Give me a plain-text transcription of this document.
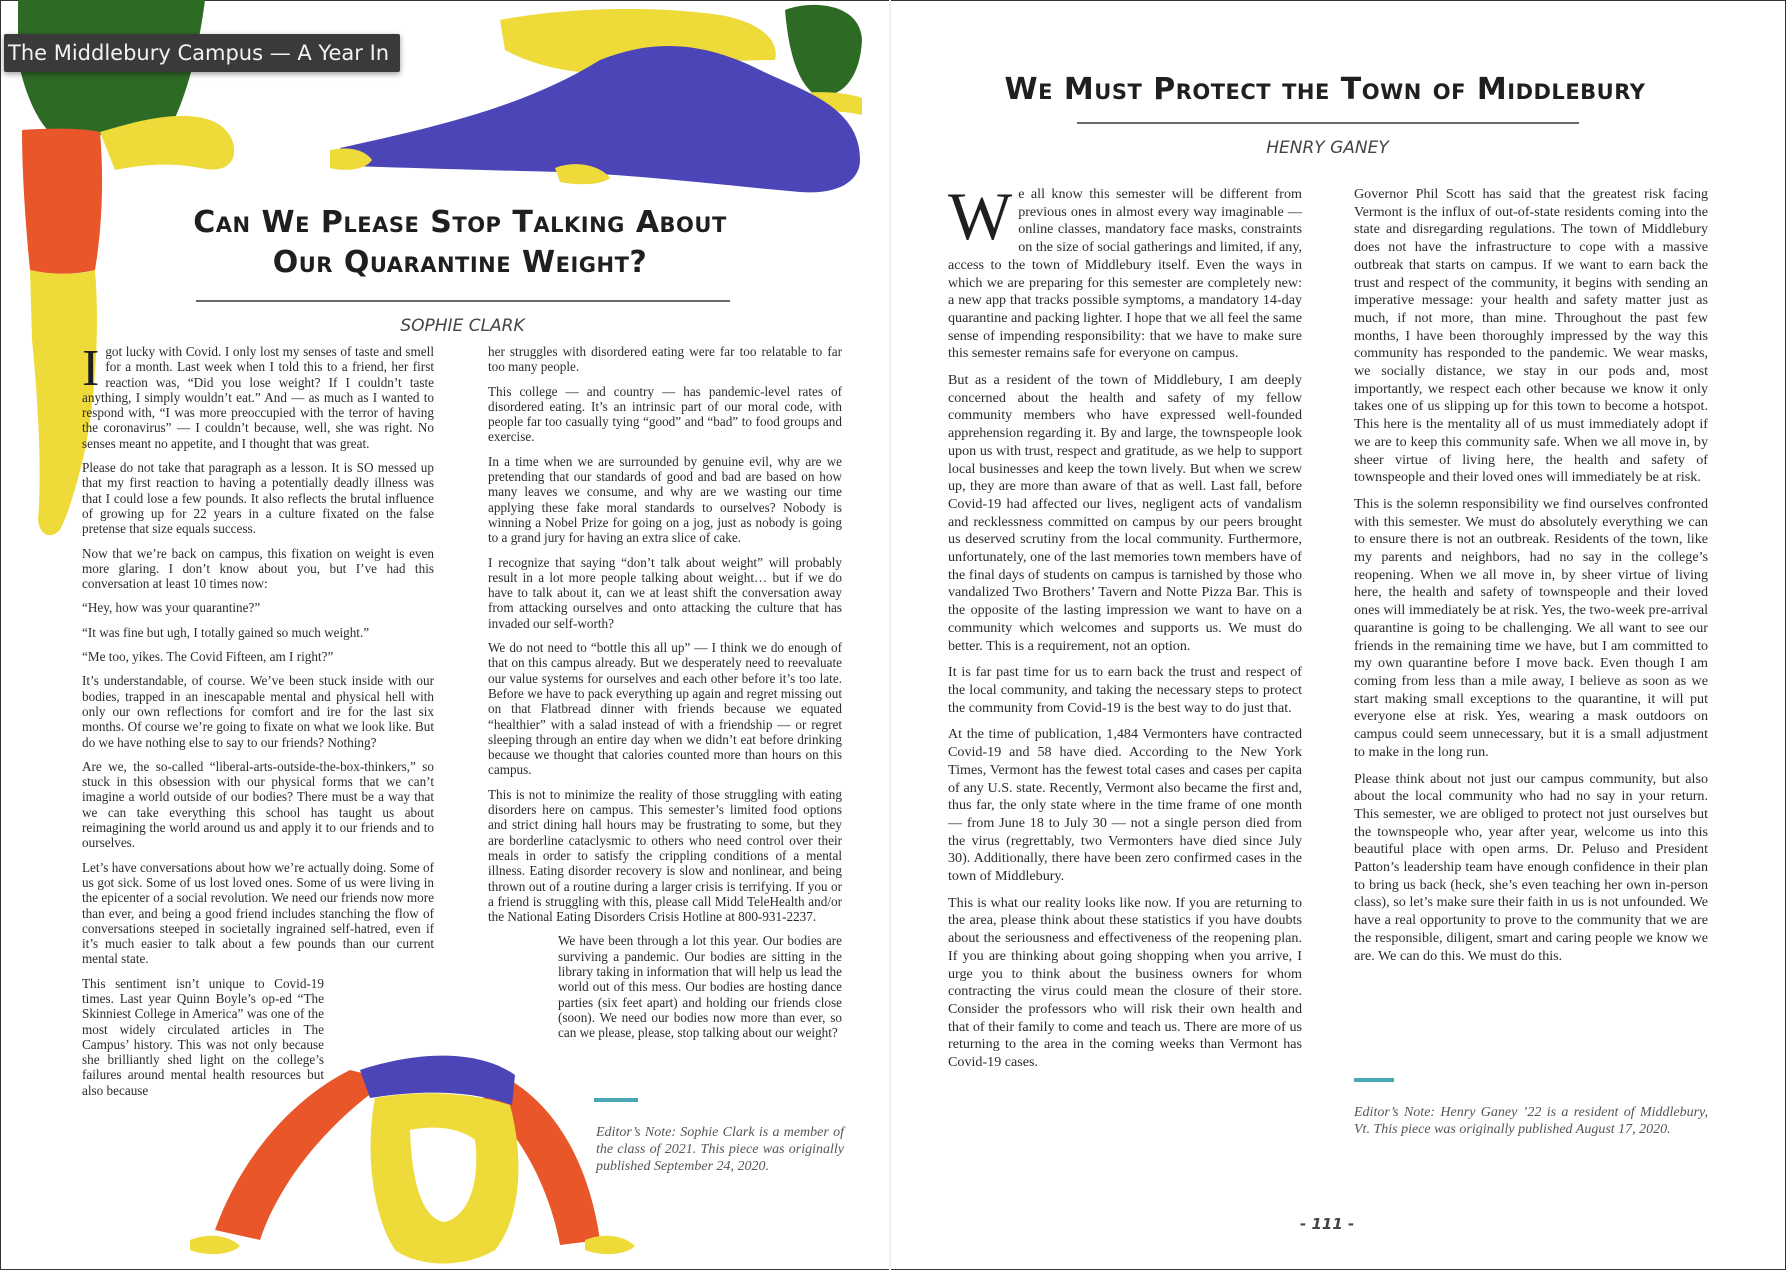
The Middlebury Campus — A Year In
Can We Please Stop Talking About
Our Quarantine Weight?
SOPHIE CLARK
I got lucky with Covid. I only lost my senses of taste and smell for a month. Last week when I told this to a friend, her first reaction was, “Did you lose weight? If I couldn’t taste anything, I simply wouldn’t eat.” And — as much as I wanted to respond with, “I was more preoccupied with the terror of having the coronavirus” — I couldn’t because, well, she was right. No senses meant no appetite, and I thought that was great.

Please do not take that paragraph as a lesson. It is SO messed up that my first reaction to having a potentially deadly illness was that I could lose a few pounds. It also reflects the brutal influence of growing up for 22 years in a culture fixated on the false pretense that size equals success.

Now that we’re back on campus, this fixation on weight is even more glaring. I don’t know about you, but I’ve had this conversation at least 10 times now:

“Hey, how was your quarantine?”

“It was fine but ugh, I totally gained so much weight.”

“Me too, yikes. The Covid Fifteen, am I right?”

It’s understandable, of course. We’ve been stuck inside with our bodies, trapped in an inescapable mental and physical hell with only our own reflections for comfort and ire for the last six months. Of course we’re going to fixate on what we look like. But do we have nothing else to say to our friends? Nothing?

Are we, the so-called “liberal-arts-outside-the-box-thinkers,” so stuck in this obsession with our physical forms that we can’t imagine a world outside of our bodies? There must be a way that we can take everything this school has taught us about reimagining the world around us and apply it to our friends and to ourselves.

Let’s have conversations about how we’re actually doing. Some of us got sick. Some of us lost loved ones. Some of us were living in the epicenter of a social revolution. We need our friends now more than ever, and being a good friend includes stanching the flow of conversations steeped in societally ingrained self-hatred, even if it’s much easier to talk about a few pounds than our current mental state.

This sentiment isn’t unique to Covid-19 times. Last year Quinn Boyle’s op-ed “The Skinniest College in America” was one of the most widely circulated articles in The Campus’ history. This was not only because she brilliantly shed light on the college’s failures around mental health resources but also because

her struggles with disordered eating were far too relatable to far too many people.

This college — and country — has pandemic-level rates of disordered eating. It’s an intrinsic part of our moral code, with people far too casually tying “good” and “bad” to food groups and exercise.

In a time when we are surrounded by genuine evil, why are we pretending that our standards of good and bad are based on how many leaves we consume, and why are we wasting our time applying these fake moral standards to ourselves? Nobody is winning a Nobel Prize for going on a jog, just as nobody is going to a grand jury for having an extra slice of cake.

I recognize that saying “don’t talk about weight” will probably result in a lot more people talking about weight… but if we do have to talk about it, can we at least shift the conversation away from attacking ourselves and onto attacking the culture that has invaded our self-worth?

We do not need to “bottle this all up” — I think we do enough of that on this campus already. But we desperately need to reevaluate our value systems for ourselves and each other before it’s too late. Before we have to pack everything up again and regret missing out on that Flatbread dinner with friends because we equated “healthier” with a salad instead of with a friendship — or regret sleeping through an entire day when we didn’t eat before drinking because we thought that calories counted more than hours on this campus.

This is not to minimize the reality of those struggling with eating disorders here on campus. This semester’s limited food options and strict dining hall hours may be frustrating to some, but they are borderline cataclysmic to others who need control over their meals in order to satisfy the crippling conditions of a mental illness. Eating disorder recovery is slow and nonlinear, and being thrown out of a routine during a larger crisis is terrifying. If you or a friend is struggling with this, please call Midd TeleHealth and/or the National Eating Disorders Crisis Hotline at 800-931-2237.

We have been through a lot this year. Our bodies are surviving a pandemic. Our bodies are sitting in the library taking in information that will help us lead the world out of this mess. Our bodies are hosting dance parties (six feet apart) and holding our friends close (soon). We need our bodies now more than ever, so can we please, please, stop talking about our weight?

Editor’s Note: Sophie Clark is a member of the class of 2021. This piece was originally published September 24, 2020.
We Must Protect the Town of Middlebury
HENRY GANEY
W e all know this semester will be different from previous ones in almost every way imaginable — online classes, mandatory face masks, constraints on the size of social gatherings and limited, if any, access to the town of Middlebury itself. Even the ways in which we are preparing for this semester are completely new: a new app that tracks possible symptoms, a mandatory 14-day quarantine and packing lighter. I hope that we all feel the same sense of impending responsibility: that we have to make sure this semester remains safe for everyone on campus.

But as a resident of the town of Middlebury, I am deeply concerned about the health and safety of my fellow community members who have expressed well-founded apprehension regarding it. By and large, the townspeople look upon us with trust, respect and gratitude, as we help to support local businesses and keep the town lively. But when we screw up, they are more than aware of that as well. Last fall, before Covid-19 had affected our lives, negligent acts of vandalism and recklessness committed on campus by our peers brought us deserved scrutiny from the local community. Furthermore, unfortunately, one of the last memories town members have of the final days of students on campus is tarnished by those who vandalized Two Brothers’ Tavern and Notte Pizza Bar. This is the opposite of the lasting impression we want to have on a community which welcomes and supports us. We must do better. This is a requirement, not an option.

It is far past time for us to earn back the trust and respect of the local community, and taking the necessary steps to protect the community from Covid-19 is the best way to do just that.

At the time of publication, 1,484 Vermonters have contracted Covid-19 and 58 have died. According to the New York Times, Vermont has the fewest total cases and cases per capita of any U.S. state. Recently, Vermont also became the first and, thus far, the only state where in the time frame of one month — from June 18 to July 30 — not a single person died from the virus (regrettably, two Vermonters have died since July 30). Additionally, there have been zero confirmed cases in the town of Middlebury.

This is what our reality looks like now. If you are returning to the area, please think about these statistics if you have doubts about the seriousness and effectiveness of the reopening plan. If you are thinking about going shopping when you arrive, I urge you to think about the business owners for whom contracting the virus could mean the closure of their store. Consider the professors who will risk their own health and that of their family to come and teach us. There are more of us returning to the area in the coming weeks than Vermont has Covid-19 cases.

Governor Phil Scott has said that the greatest risk facing Vermont is the influx of out-of-state residents coming into the state and disregarding regulations. The town of Middlebury does not have the infrastructure to cope with a massive outbreak that starts on campus. If we want to earn back the trust and respect of the community, it begins with sending an imperative message: your health and safety matter just as much, if not more, than mine. Throughout the past few months, I have been thoroughly impressed by the way this community has responded to the pandemic. We wear masks, we socially distance, we stay in our pods and, most importantly, we respect each other because we know it only takes one of us slipping up for this town to become a hotspot. This here is the mentality all of us must immediately adopt if we are to keep this community safe. When we all move in, by sheer virtue of living here, the health and safety of townspeople and their loved ones will immediately be at risk.

This is the solemn responsibility we find ourselves confronted with this semester. We must do absolutely everything we can to ensure there is not an outbreak. Residents of the town, like my parents and neighbors, had no say in the college’s reopening. When we all move in, by sheer virtue of living here, the health and safety of townspeople and their loved ones will immediately be at risk. Yes, the two-week pre-arrival quarantine is going to be challenging. We all want to see our friends in the remaining time we have, but I am committed to my own quarantine before I move back. Even though I am coming from less than a mile away, I believe as soon as we start making small exceptions to the quarantine, it will put everyone else at risk. Yes, wearing a mask outdoors on campus could seem unnecessary, but it is a small adjustment to make in the long run.

Please think about not just our campus community, but also about the local community who had no say in your return. This semester, we are obliged to protect not just ourselves but the townspeople who, year after year, welcome us into this beautiful place with open arms. Dr. Peluso and President Patton’s leadership team have enough confidence in their plan to bring us back (heck, she’s even teaching her own in-person class), so let’s make sure their faith in us is not unfounded. We have a real opportunity to prove to the community that we are the responsible, diligent, smart and caring people we know we are. We can do this. We must do this.

Editor’s Note: Henry Ganey ’22 is a resident of Middlebury, Vt. This piece was originally published August 17, 2020.
- 111 -
